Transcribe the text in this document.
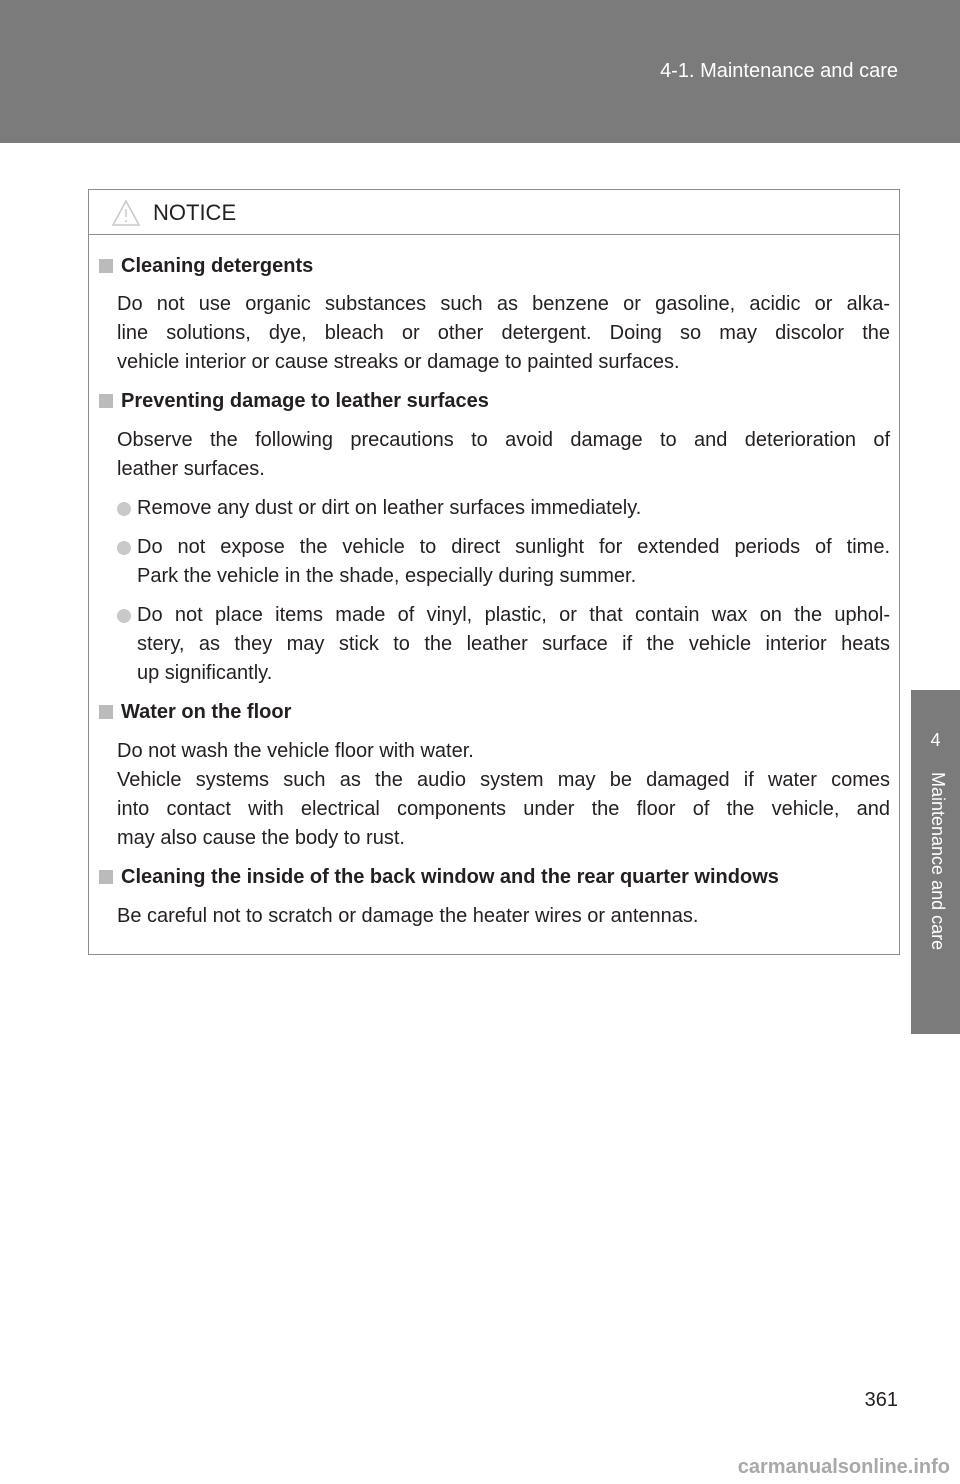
4-1. Maintenance and care
4
Maintenance and care
NOTICE
Cleaning detergents
Do not use organic substances such as benzene or gasoline, acidic or alka-
line solutions, dye, bleach or other detergent. Doing so may discolor the
vehicle interior or cause streaks or damage to painted surfaces.
Preventing damage to leather surfaces
Observe the following precautions to avoid damage to and deterioration of
leather surfaces.
Remove any dust or dirt on leather surfaces immediately.
Do not expose the vehicle to direct sunlight for extended periods of time.
Park the vehicle in the shade, especially during summer.
Do not place items made of vinyl, plastic, or that contain wax on the uphol-
stery, as they may stick to the leather surface if the vehicle interior heats
up significantly.
Water on the floor
Do not wash the vehicle floor with water.
Vehicle systems such as the audio system may be damaged if water comes
into contact with electrical components under the floor of the vehicle, and
may also cause the body to rust.
Cleaning the inside of the back window and the rear quarter windows
Be careful not to scratch or damage the heater wires or antennas.
361
carmanualsonline.info
